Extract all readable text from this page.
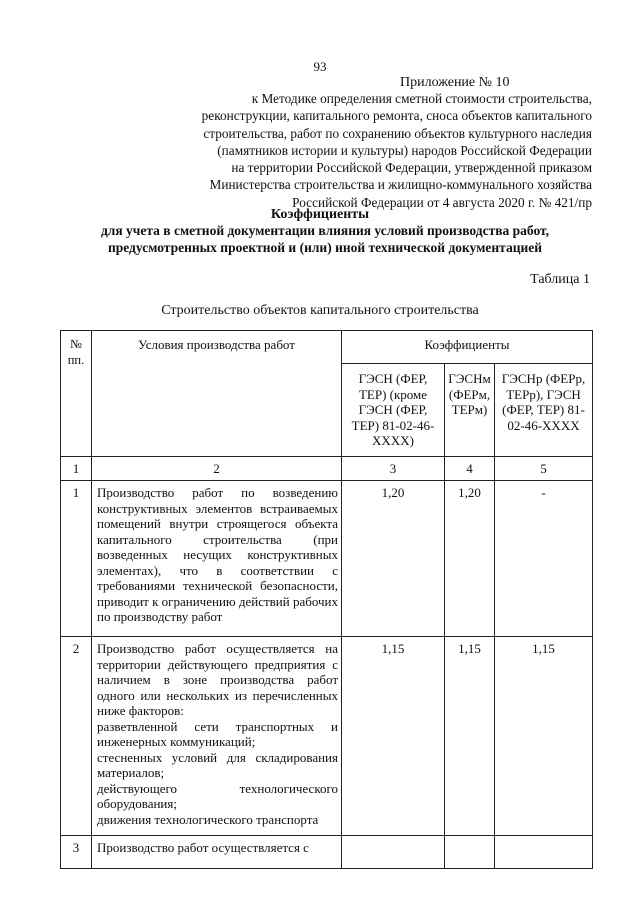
93
Приложение № 10
к Методике определения сметной стоимости строительства,
реконструкции, капитального ремонта, сноса объектов капитального
строительства, работ по сохранению объектов культурного наследия
(памятников истории и культуры) народов Российской Федерации
на территории Российской Федерации, утвержденной приказом
Министерства строительства и жилищно-коммунального хозяйства
Российской Федерации от 4 августа 2020 г. № 421/пр
Коэффициенты
для учета в сметной документации влияния условий производства работ,
предусмотренных проектной и (или) иной технической документацией
Таблица 1
Строительство объектов капитального строительства
№ пп.	Условия производства работ	Коэффициенты		
		ГЭСН (ФЕР, ТЕР) (кроме ГЭСН (ФЕР, ТЕР) 81-02-46-XXXX)	ГЭСНм (ФЕРм, ТЕРм)	ГЭСНр (ФЕРр, ТЕРр), ГЭСН (ФЕР, ТЕР) 81-02-46-XXXX
1	2	3	4	5
1	Производство работ по возведению конструктивных элементов встраиваемых помещений внутри строящегося объекта капитального строительства (при возведенных несущих конструктивных элементах), что в соответствии с требованиями технической безопасности, приводит к ограничению действий рабочих по производству работ	1,20	1,20	-
2	Производство работ осуществляется на территории действующего предприятия с наличием в зоне производства работ одного или нескольких из перечисленных ниже факторов:
разветвленной сети транспортных и инженерных коммуникаций;
стесненных условий для складирования материалов;
действующего технологического оборудования;
движения технологического транспорта	1,15	1,15	1,15
3	Производство работ осуществляется с			
